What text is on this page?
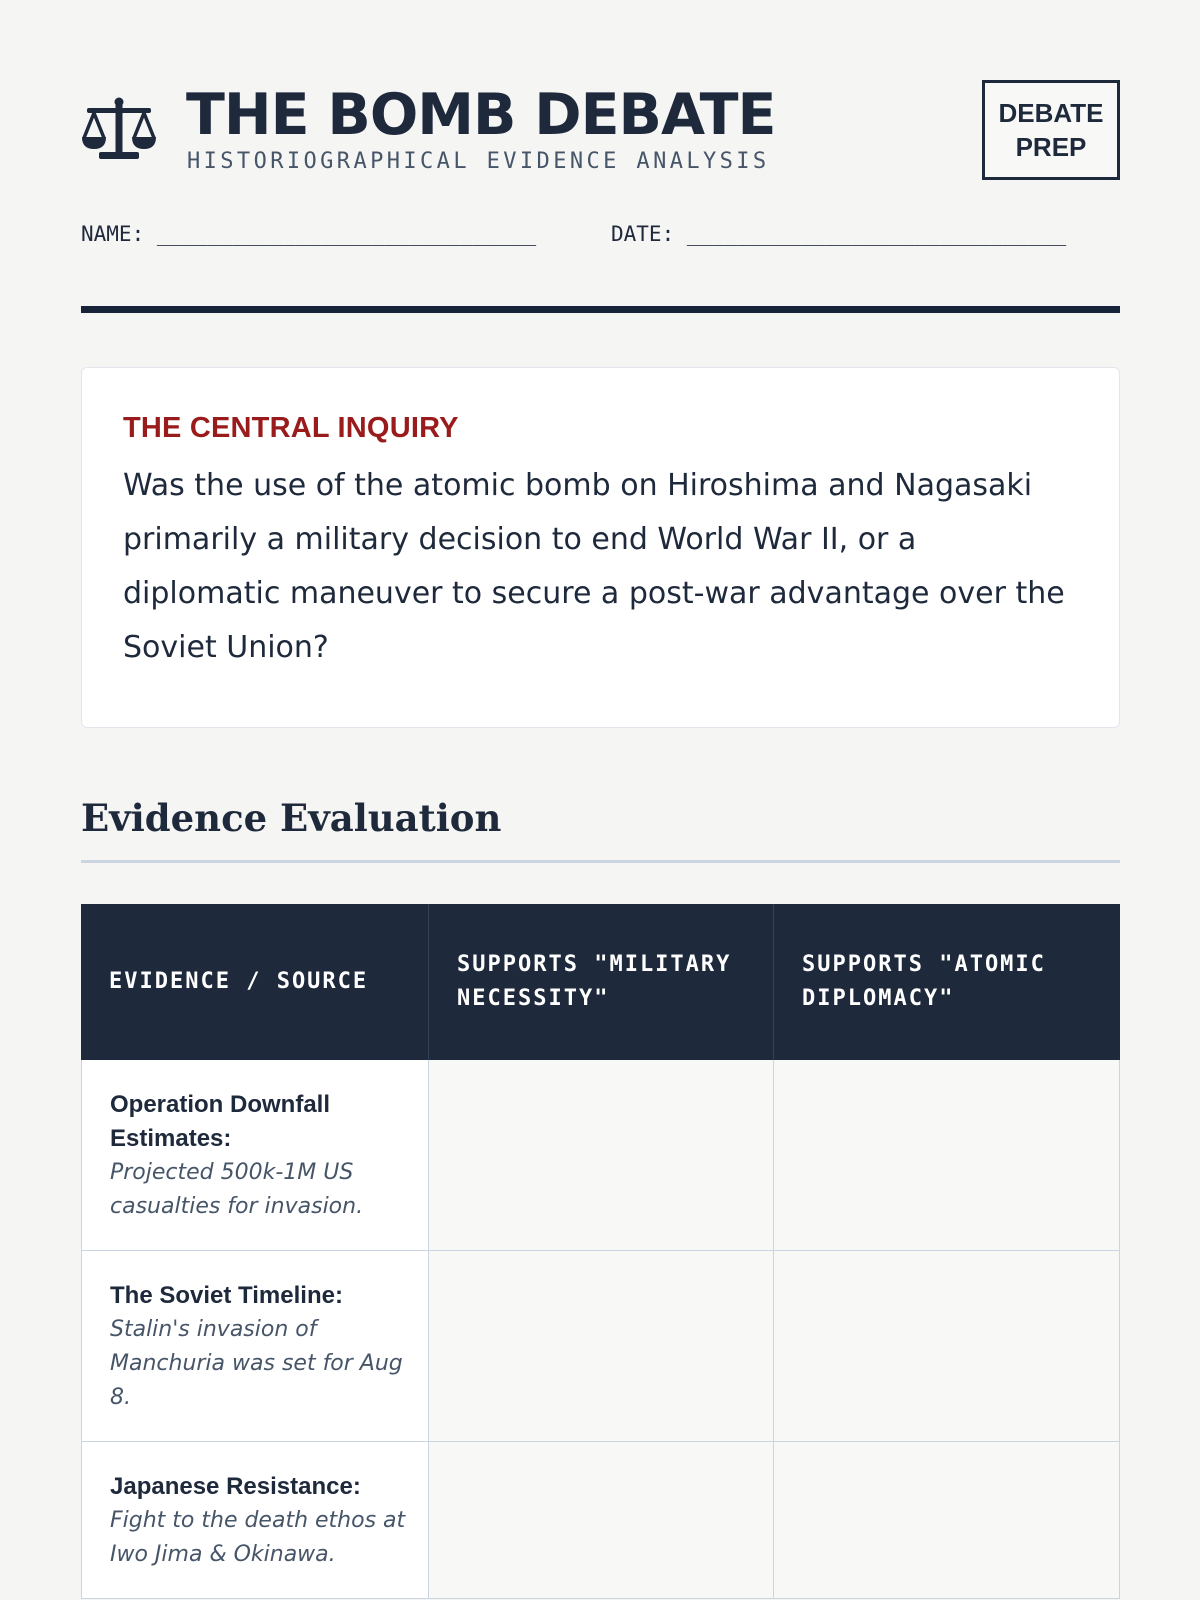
THE BOMB DEBATE
HISTORIOGRAPHICAL EVIDENCE ANALYSIS
DEBATE
PREP
NAME: ______________________________	DATE: ______________________________
THE CENTRAL INQUIRY
Was the use of the atomic bomb on Hiroshima and Nagasaki primarily a military decision to end World War II, or a diplomatic maneuver to secure a post-war advantage over the Soviet Union?
Evidence Evaluation
EVIDENCE / SOURCE
SUPPORTS "MILITARY NECESSITY"
SUPPORTS "ATOMIC DIPLOMACY"
Operation Downfall Estimates:
Projected 500k-1M US casualties for invasion.
The Soviet Timeline:
Stalin's invasion of Manchuria was set for Aug 8.
Japanese Resistance:
Fight to the death ethos at Iwo Jima & Okinawa.
